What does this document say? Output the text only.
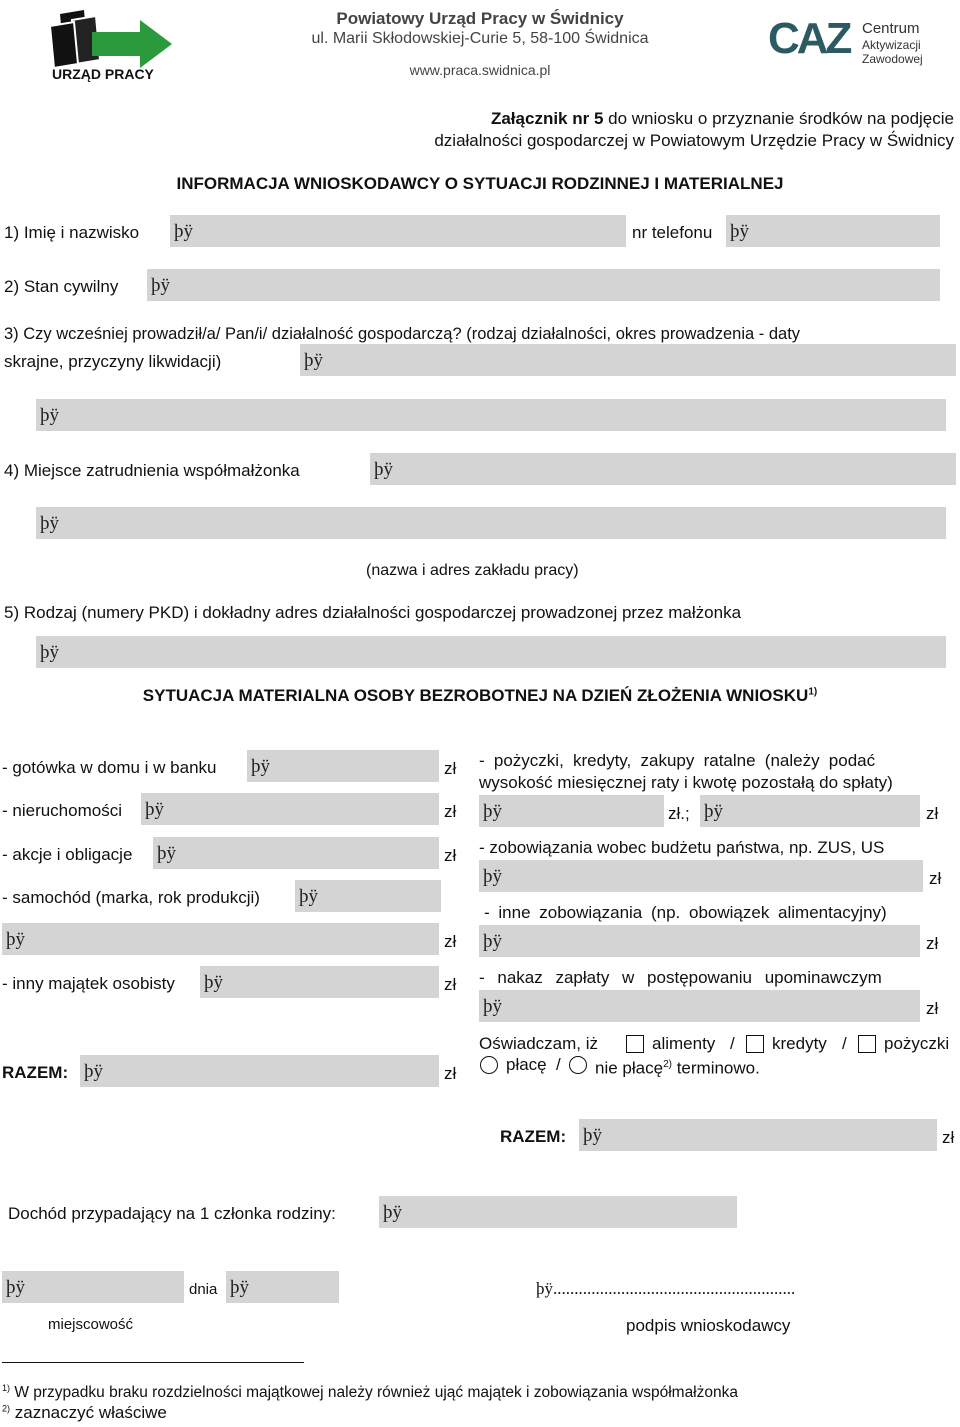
URZĄD PRACY
Powiatowy Urząd Pracy w Świdnicy
ul. Marii Skłodowskiej-Curie 5, 58-100 Świdnica
www.praca.swidnica.pl
CAZ Centrum
Aktywizacji
Zawodowej
Załącznik nr 5 do wniosku o przyznanie środków na podjęcie
działalności gospodarczej w Powiatowym Urzędzie Pracy w Świdnicy
INFORMACJA WNIOSKODAWCY O SYTUACJI RODZINNEJ I MATERIALNEJ
1) Imię i nazwisko þÿ	nr telefonu þÿ
2) Stan cywilny þÿ
3) Czy wcześniej prowadził/a/ Pan/i/ działalność gospodarczą? (rodzaj działalności, okres prowadzenia - daty
skrajne, przyczyny likwidacji)	þÿ
þÿ
4) Miejsce zatrudnienia współmałżonka	þÿ
þÿ
(nazwa i adres zakładu pracy)
5) Rodzaj (numery PKD) i dokładny adres działalności gospodarczej prowadzonej przez małżonka
þÿ
SYTUACJA MATERIALNA OSOBY BEZROBOTNEJ NA DZIEŃ ZŁOŻENIA WNIOSKU$^{1)}$
- gotówka w domu i w banku þÿ	zł
- nieruchomości þÿ	zł
- akcje i obligacje þÿ	zł
- samochód (marka, rok produkcji) þÿ
þÿ	zł
- inny majątek osobisty þÿ	zł
RAZEM: þÿ	zł
- pożyczki, kredyty, zakupy ratalne (należy podać
wysokość miesięcznej raty i kwotę pozostałą do spłaty)
þÿ	zł.; þÿ	zł
- zobowiązania wobec budżetu państwa, np. ZUS, US
þÿ	zł
- inne zobowiązania (np. obowiązek alimentacyjny)
þÿ	zł
- nakaz zapłaty w postępowaniu upominawczym
þÿ	zł
Oświadczam, iż	alimenty / kredyty / pożyczki
płacę / nie płacę$^{2)}$ terminowo.
RAZEM: þÿ	zł
Dochód przypadający na 1 członka rodziny: þÿ
þÿ	dnia þÿ	þÿ.........................................................
miejscowość	podpis wnioskodawcy
$^{1)}$ W przypadku braku rozdzielności majątkowej należy również ująć majątek i zobowiązania współmałżonka
$^{2)}$ zaznaczyć właściwe
